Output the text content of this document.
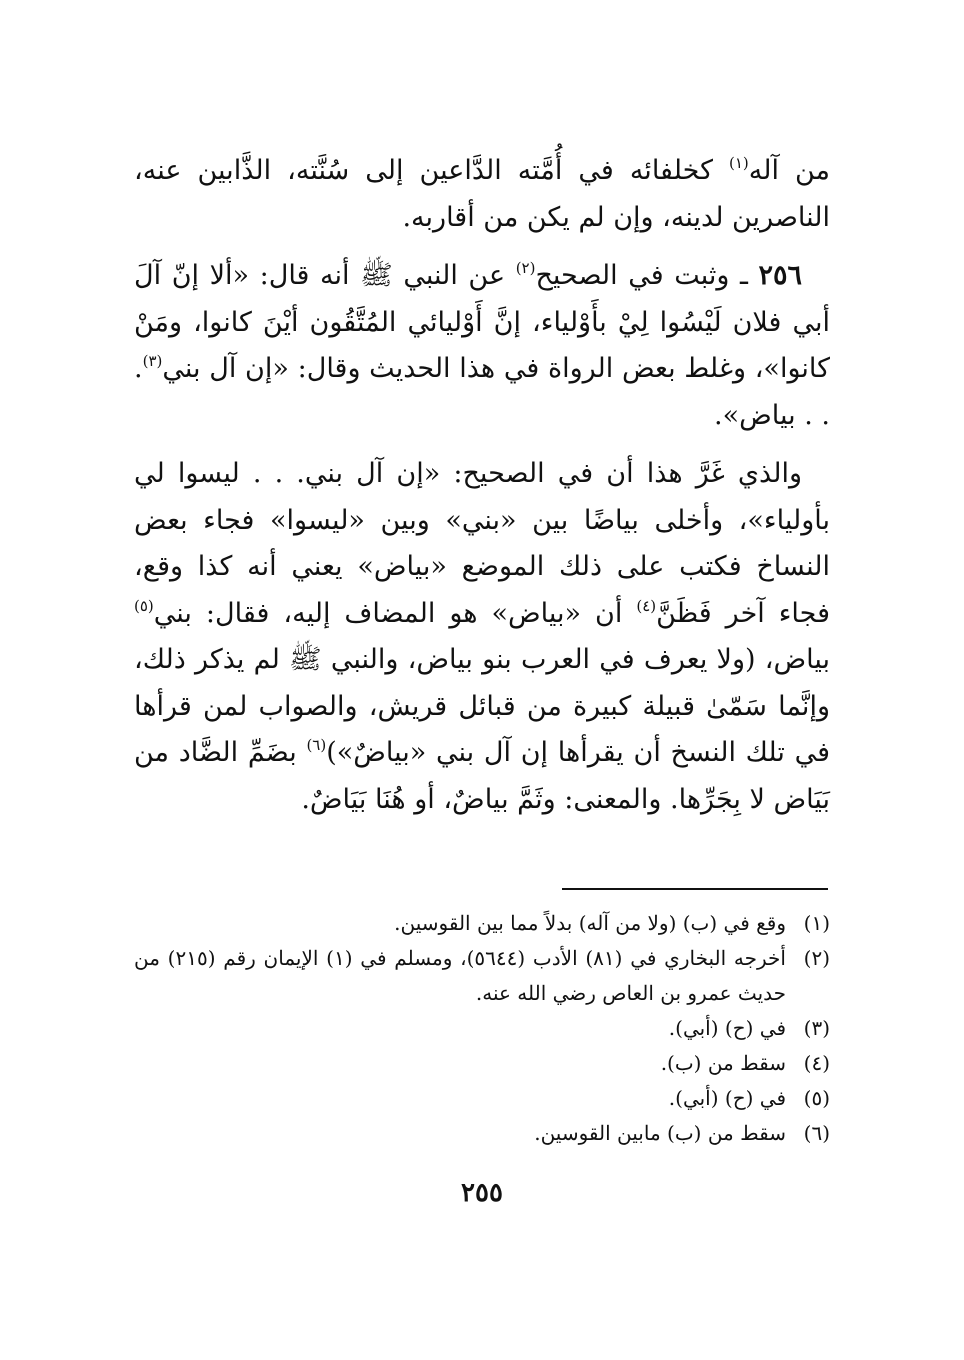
من آله$^{(١)}$ كخلفائه في أُمَّته الدَّاعين إلى سُنَّته، الذَّابين عنه، الناصرين لدينه، وإن لم يكن من أقاربه.

٢٥٦ ـ وثبت في الصحيح$^{(٢)}$ عن النبي ﷺ أنه قال: «ألا إنّ آلَ أبي فلان لَيْسُوا لِيْ بأَوْلياء، إنَّ أَوْليائي المُتَّقُون أيْنَ كانوا، ومَنْ كانوا»، وغلط بعض الرواة في هذا الحديث وقال: «إن آل بني$^{(٣)}$. . . بياض».

والذي غَرَّ هذا أن في الصحيح: «إن آل بني. . . ليسوا لي بأولياء»، وأخلى بياضًا بين «بني» وبين «ليسوا» فجاء بعض النساخ فكتب على ذلك الموضع «بياض» يعني أنه كذا وقع، فجاء آخر فَظَنَّ$^{(٤)}$ أن «بياض» هو المضاف إليه، فقال: بني$^{(٥)}$ بياض، (ولا يعرف في العرب بنو بياض، والنبي ﷺ لم يذكر ذلك، وإنَّما سَمّىٰ قبيلة كبيرة من قبائل قريش، والصواب لمن قرأها في تلك النسخ أن يقرأها إن آل بني «بياضٌ»)$^{(٦)}$ بضَمِّ الضَّاد من بَيَاض لا بِجَرِّها. والمعنى: وثَمَّ بياضٌ، أو هُنَا بَيَاضٌ.

(١)
وقع في (ب) (ولا من آله) بدلاً مما بين القوسين.
(٢)
أخرجه البخاري في (٨١) الأدب (٥٦٤٤)، ومسلم في (١) الإيمان رقم (٢١٥) من حديث عمرو بن العاص رضي الله عنه.
(٣)
في (ح) (أبي).
(٤)
سقط من (ب).
(٥)
في (ح) (أبي).
(٦)
سقط من (ب) مابين القوسين.
٢٥٥
